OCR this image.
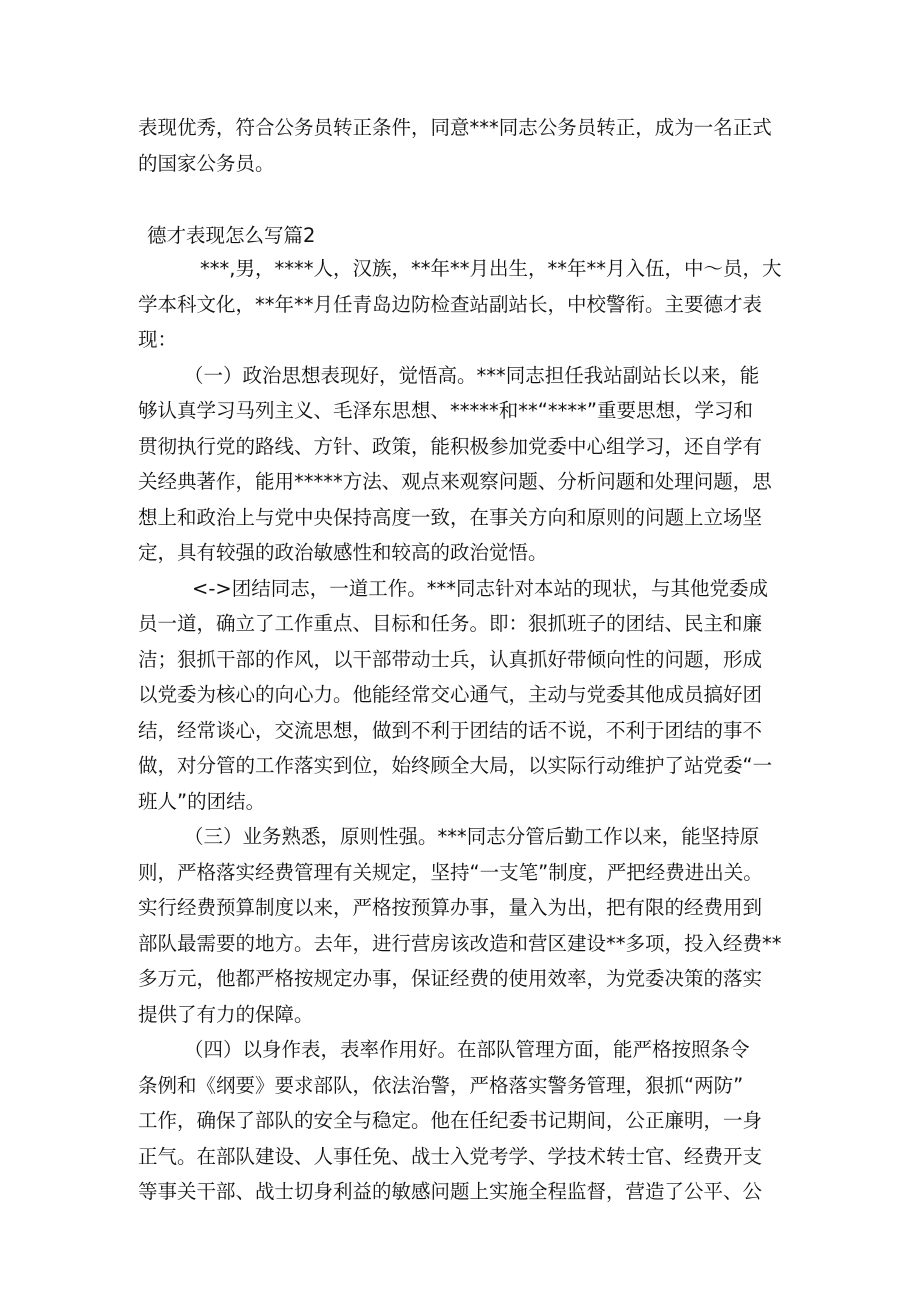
表现优秀，符合公务员转正条件，同意***同志公务员转正，成为一名正式
的国家公务员。
德才表现怎么写篇2
***,男，****人，汉族，**年**月出生，**年**月入伍，中〜员，大
学本科文化，**年**月任青岛边防检查站副站长，中校警衔。主要德才表
现：
（一）政治思想表现好，觉悟高。***同志担任我站副站长以来，能
够认真学习马列主义、毛泽东思想、*****和**“****”重要思想，学习和
贯彻执行党的路线、方针、政策，能积极参加党委中心组学习，还自学有
关经典著作，能用*****方法、观点来观察问题、分析问题和处理问题，思
想上和政治上与党中央保持高度一致，在事关方向和原则的问题上立场坚
定，具有较强的政治敏感性和较高的政治觉悟。
<->团结同志，一道工作。***同志针对本站的现状，与其他党委成
员一道，确立了工作重点、目标和任务。即：狠抓班子的团结、民主和廉
洁；狠抓干部的作风，以干部带动士兵，认真抓好带倾向性的问题，形成
以党委为核心的向心力。他能经常交心通气，主动与党委其他成员搞好团
结，经常谈心，交流思想，做到不利于团结的话不说，不利于团结的事不
做，对分管的工作落实到位，始终顾全大局，以实际行动维护了站党委“一
班人”的团结。
（三）业务熟悉，原则性强。***同志分管后勤工作以来，能坚持原
则，严格落实经费管理有关规定，坚持“一支笔”制度，严把经费进出关。
实行经费预算制度以来，严格按预算办事，量入为出，把有限的经费用到
部队最需要的地方。去年，进行营房该改造和营区建设**多项，投入经费**
多万元，他都严格按规定办事，保证经费的使用效率，为党委决策的落实
提供了有力的保障。
（四）以身作表，表率作用好。在部队管理方面，能严格按照条令
条例和《纲要》要求部队，依法治警，严格落实警务管理，狠抓“两防”
工作，确保了部队的安全与稳定。他在任纪委书记期间，公正廉明，一身
正气。在部队建设、人事任免、战士入党考学、学技术转士官、经费开支
等事关干部、战士切身利益的敏感问题上实施全程监督，营造了公平、公
